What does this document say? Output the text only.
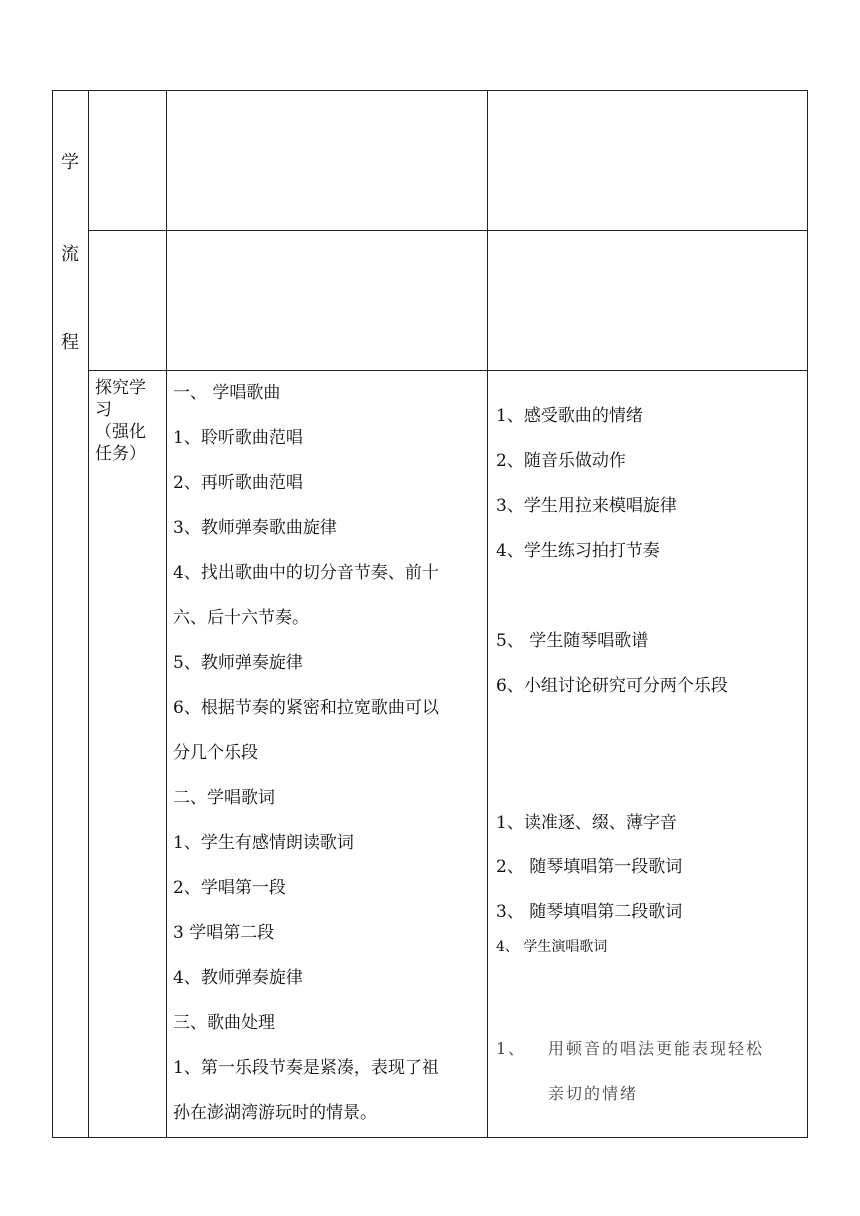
学
流
程
探究学
习
（强化
任务）
一、 学唱歌曲
1、聆听歌曲范唱
2、再听歌曲范唱
3、教师弹奏歌曲旋律
4、找出歌曲中的切分音节奏、前十
六、后十六节奏。
5、教师弹奏旋律
6、根据节奏的紧密和拉宽歌曲可以
分几个乐段
二、学唱歌词
1、学生有感情朗读歌词
2、学唱第一段
3 学唱第二段
4、教师弹奏旋律
三、歌曲处理
1、第一乐段节奏是紧凑，表现了祖
孙在澎湖湾游玩时的情景。
1、感受歌曲的情绪
2、随音乐做动作
3、学生用拉来模唱旋律
4、学生练习拍打节奏
5、 学生随琴唱歌谱
6、小组讨论研究可分两个乐段
1、读准逐、缀、薄字音
2、 随琴填唱第一段歌词
3、 随琴填唱第二段歌词
4、 学生演唱歌词
1、 用顿音的唱法更能表现轻松
亲切的情绪
